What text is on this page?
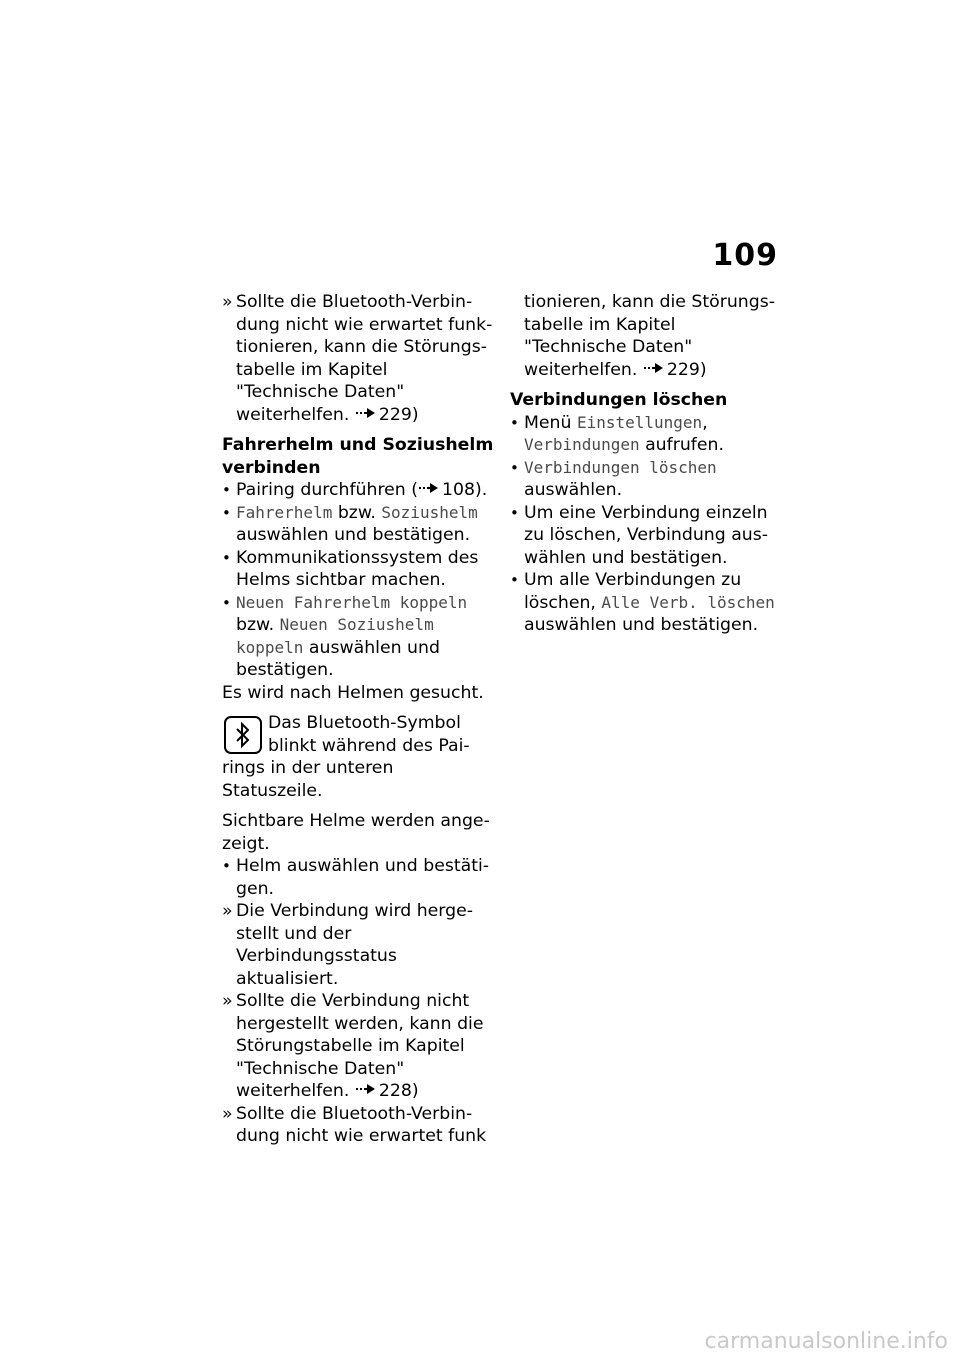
109
» Sollte die Bluetooth-Verbindung nicht wie erwartet funktionieren, kann die Störungstabelle im Kapitel "Technische Daten" weiterhelfen. 229)
Fahrerhelm und Soziushelm verbinden
• Pairing durchführen ( 108).
• Fahrerhelm bzw. Soziushelm auswählen und bestätigen.
• Kommunikationssystem des Helms sichtbar machen.
• Neuen Fahrerhelm koppeln bzw. Neuen Soziushelm koppeln auswählen und bestätigen.
Es wird nach Helmen gesucht.
Das Bluetooth-Symbol blinkt während des Pairings in der unteren Statuszeile.
Sichtbare Helme werden angezeigt.
• Helm auswählen und bestätigen.
» Die Verbindung wird hergestellt und der Verbindungsstatus aktualisiert.
» Sollte die Verbindung nicht hergestellt werden, kann die Störungstabelle im Kapitel "Technische Daten" weiterhelfen. 228)
» Sollte die Bluetooth-Verbindung nicht wie erwartet funk
tionieren, kann die Störungstabelle im Kapitel "Technische Daten" weiterhelfen. 229)
Verbindungen löschen
• Menü Einstellungen, Verbindungen aufrufen.
• Verbindungen löschen auswählen.
• Um eine Verbindung einzeln zu löschen, Verbindung auswählen und bestätigen.
• Um alle Verbindungen zu löschen, Alle Verb. löschen auswählen und bestätigen.
carmanualsonline.info
